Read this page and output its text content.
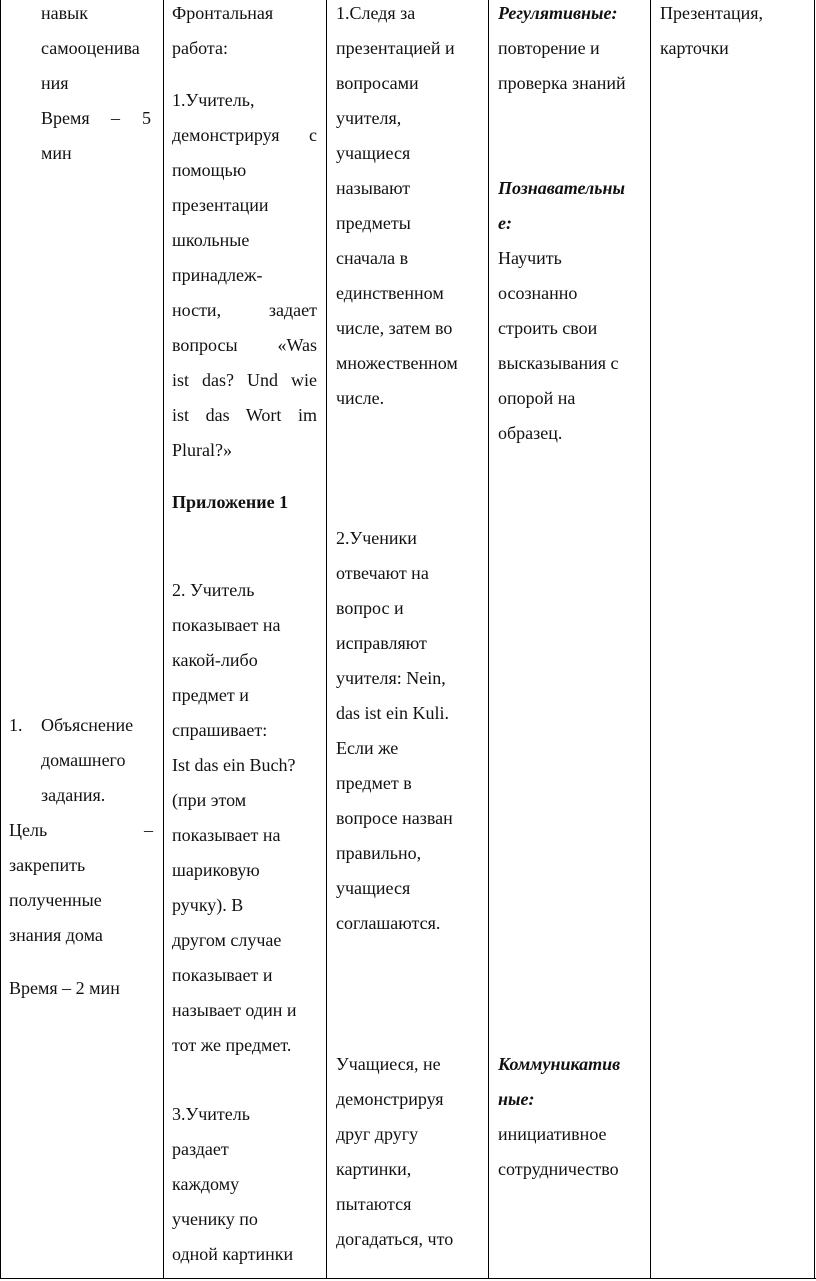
навык
самооценива
ния
Время – 5
мин
1. Объяснение
домашнего
задания.
Цель	–
закрепить
полученные
знания дома
Время – 2 мин
Фронтальная
работа:
1.Учитель,
демонстрируя с
помощью
презентации
школьные
принадлеж-
ности, задает
вопросы «Was
ist das? Und wie
ist das Wort im
Plural?»
Приложение 1
2. Учитель
показывает на
какой-либо
предмет и
спрашивает:
Ist das ein Buch?
(при этом
показывает на
шариковую
ручку). В
другом случае
показывает и
называет один и
тот же предмет.
3.Учитель
раздает
каждому
ученику по
одной картинки
1.Следя за
презентацией и
вопросами
учителя,
учащиеся
называют
предметы
сначала в
единственном
числе, затем во
множественном
числе.
2.Ученики
отвечают на
вопрос и
исправляют
учителя: Nein,
das ist ein Kuli.
Если же
предмет в
вопросе назван
правильно,
учащиеся
соглашаются.
Учащиеся, не
демонстрируя
друг другу
картинки,
пытаются
догадаться, что
Регулятивные:
повторение и
проверка знаний
Познавательны
е:
Научить
осознанно
строить свои
высказывания с
опорой на
образец.
Коммуникатив
ные:
инициативное
сотрудничество
Презентация,
карточки
